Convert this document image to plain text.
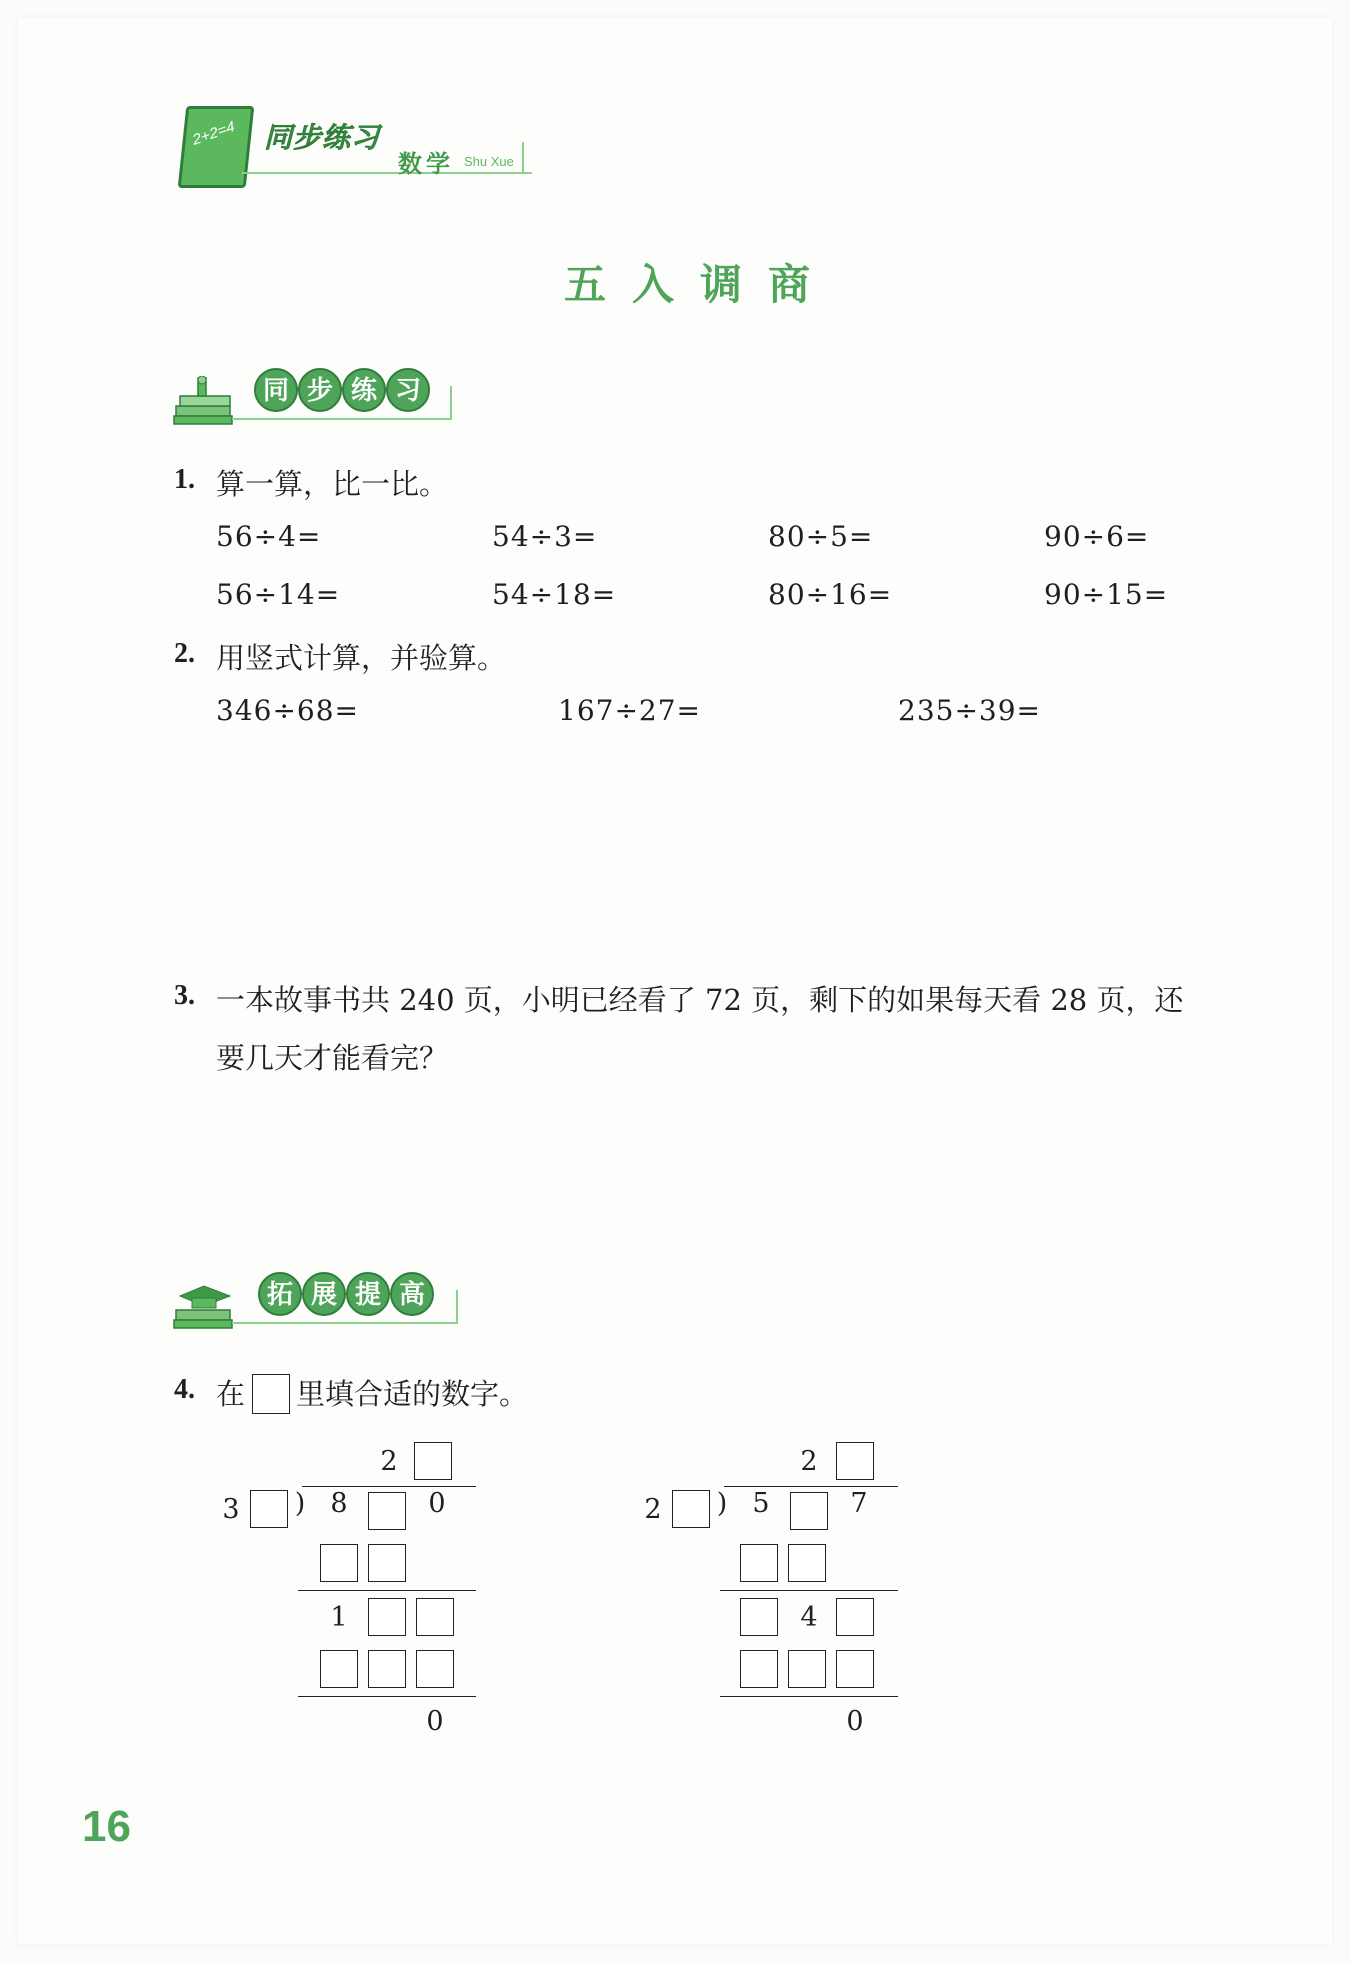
2+2=4 同步练习
数学 Shu Xue
五入调商
同 步 练 习
1. 算一算，比一比。
56÷4=	54÷3=	80÷5=	90÷6=
56÷14=	54÷18=	80÷16=	90÷15=
2. 用竖式计算，并验算。
346÷68=	167÷27=	235÷39=
3. 一本故事书共 240 页，小明已经看了 72 页，剩下的如果每天看 28 页，还
要几天才能看完？
拓 展 提 高
4. 在 里填合适的数字。
2
3	) 8	0
1
0
2
2	) 5	7
4
0
16
